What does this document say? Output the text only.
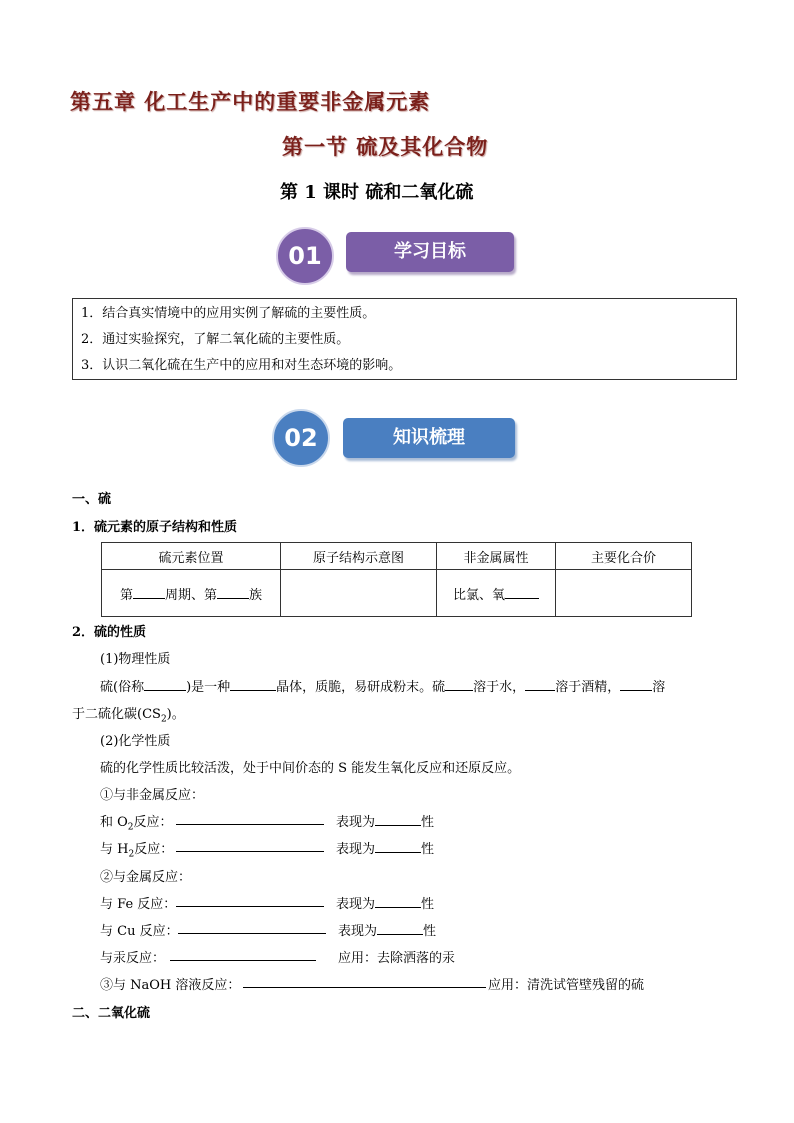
第五章 化工生产中的重要非金属元素
第一节 硫及其化合物
第 1 课时 硫和二氧化硫
01	学习目标
1．结合真实情境中的应用实例了解硫的主要性质。
2．通过实验探究，了解二氧化硫的主要性质。
3．认识二氧化硫在生产中的应用和对生态环境的影响。
02	知识梳理
一、硫
1．硫元素的原子结构和性质
硫元素位置	原子结构示意图	非金属属性	主要化合价
第 周期、第 族		比氯、氧	
2．硫的性质
(1)物理性质
硫(俗称	)是一种	晶体，质脆，易研成粉末。硫 溶于水， 溶于酒精， 溶
于二硫化碳$(CS_2)$。
(2)化学性质
硫的化学性质比较活泼，处于中间价态的 S 能发生氧化反应和还原反应。
①与非金属反应：
和 $O_2$反应：	表现为	性
与 $H_2$反应：	表现为	性
②与金属反应：
与 Fe 反应：	表现为	性
与 Cu 反应：	表现为	性
与汞反应：	应用：去除洒落的汞
③与 NaOH 溶液反应：	应用：清洗试管壁残留的硫
二、二氧化硫
